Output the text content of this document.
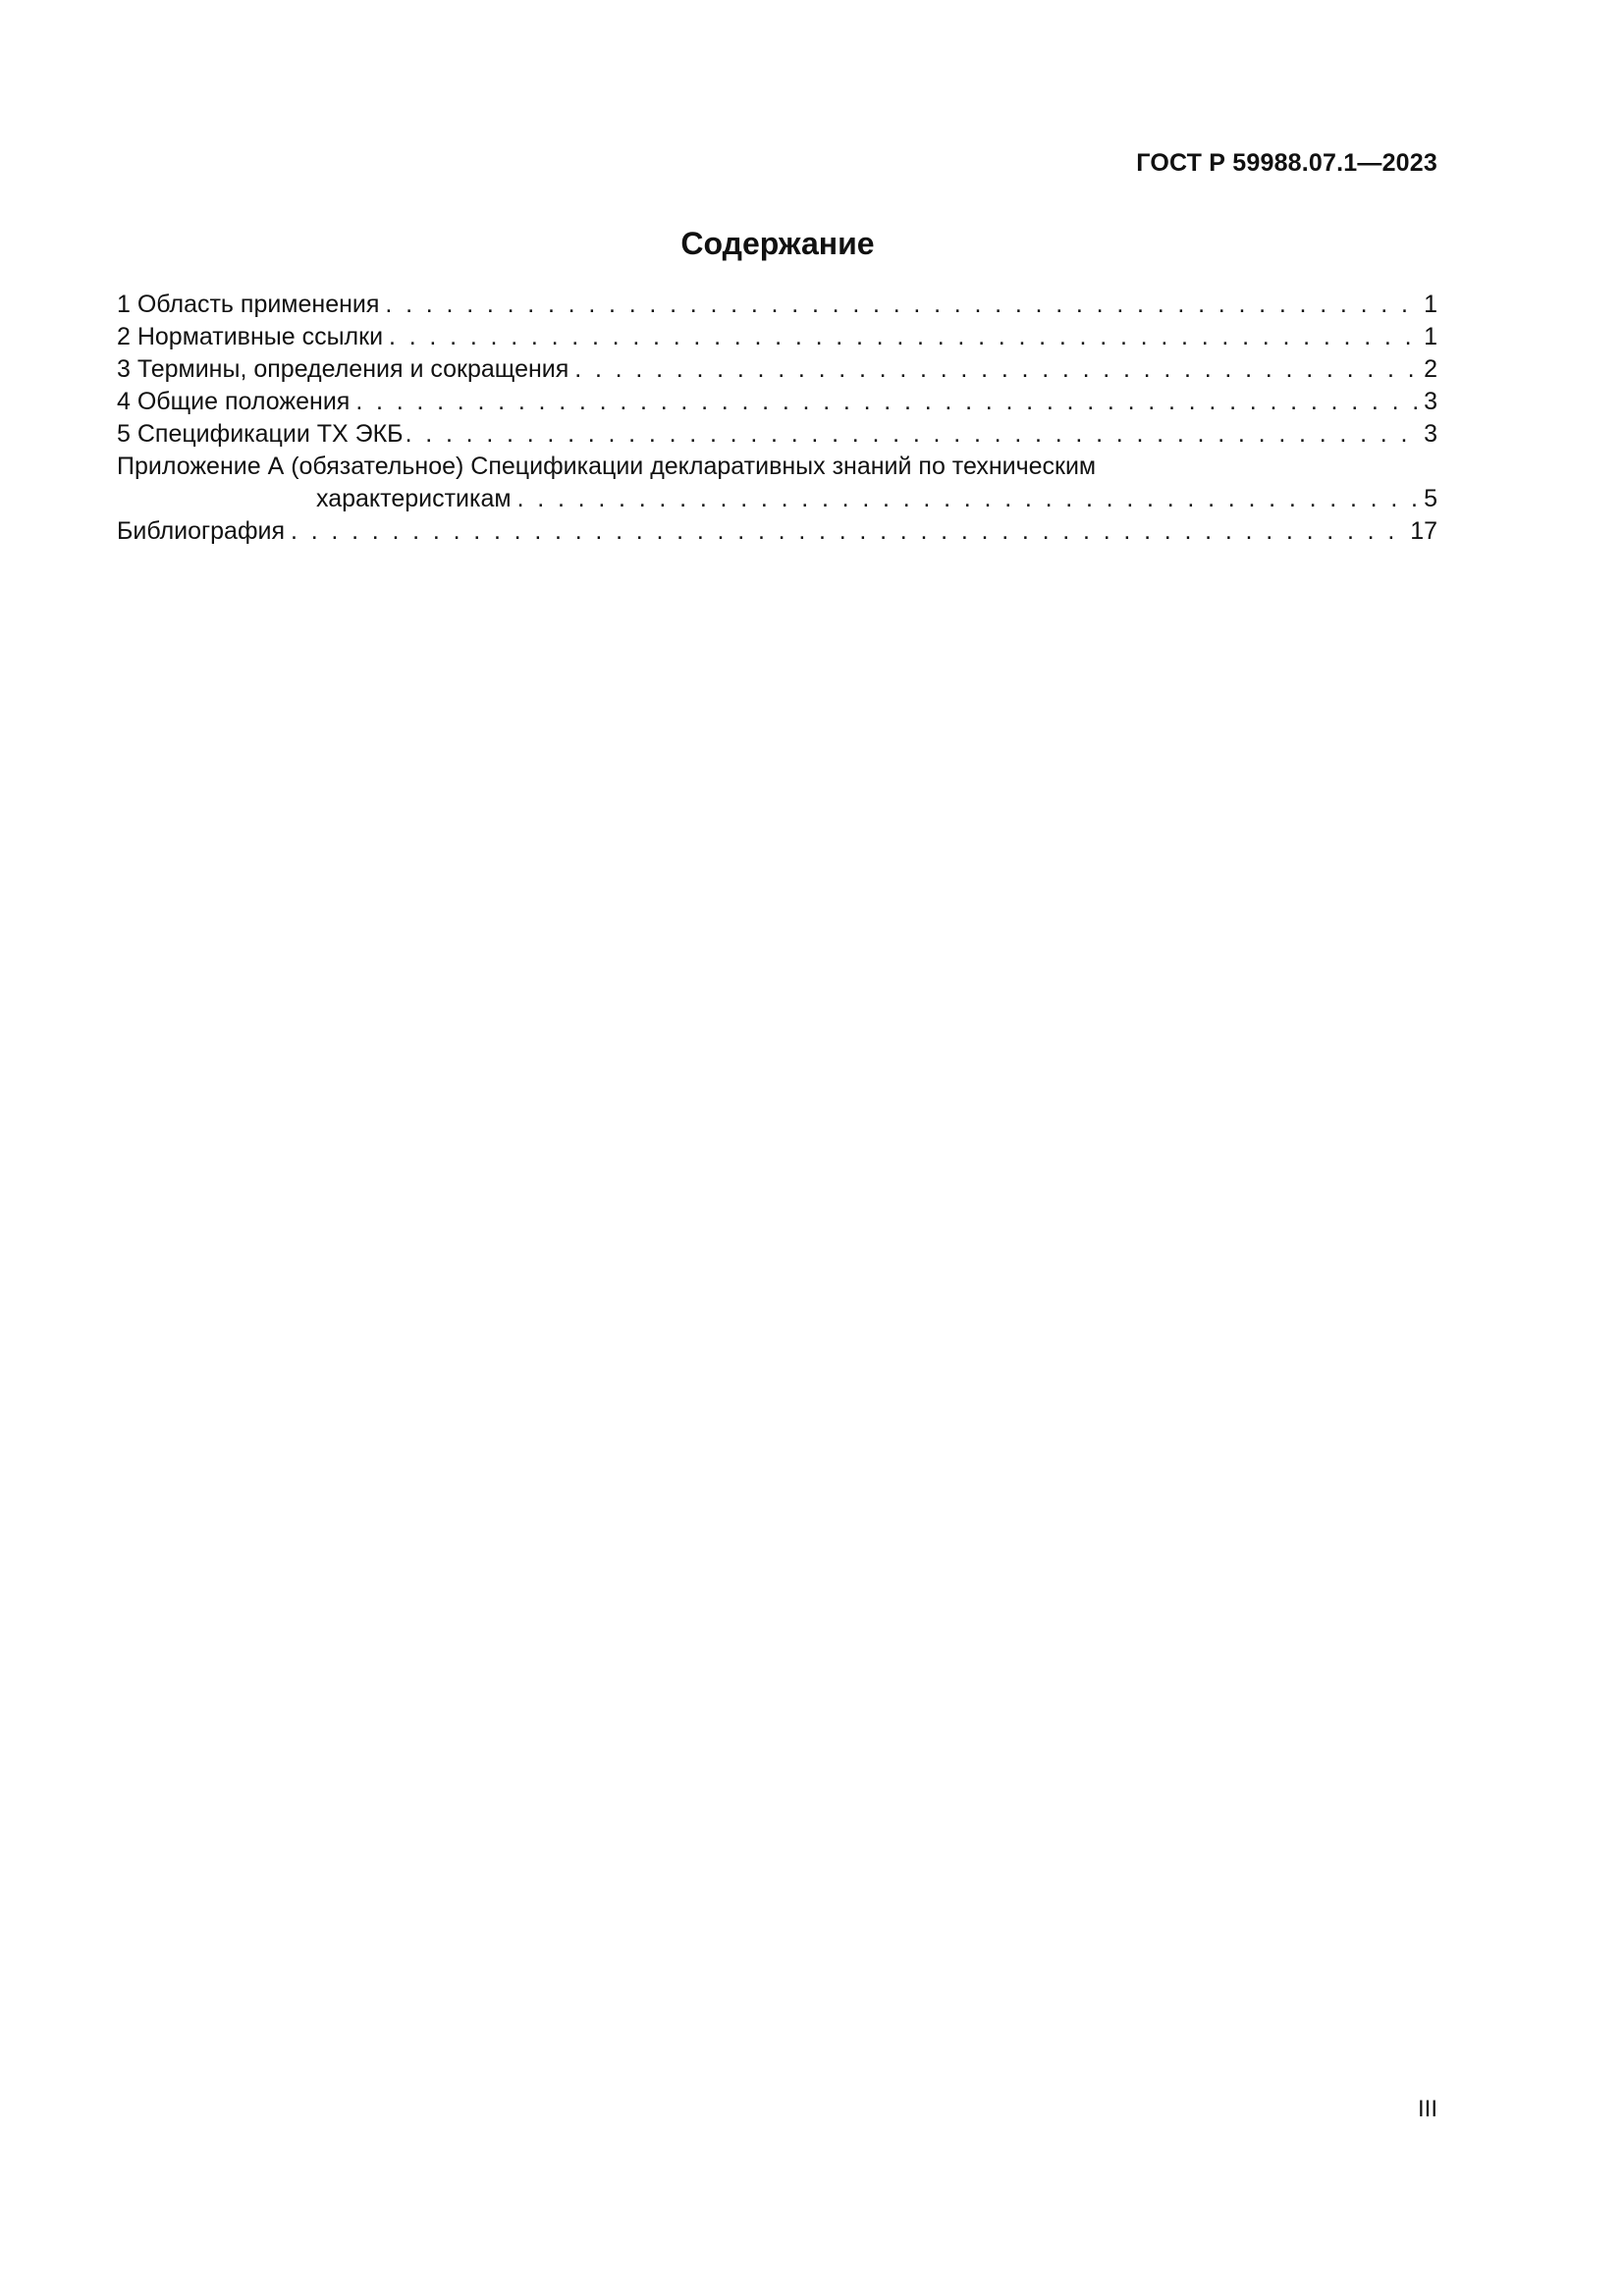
ГОСТ Р 59988.07.1—2023
Содержание
1 Область применения . . .	1
2 Нормативные ссылки . . .	1
3 Термины, определения и сокращения . . .	2
4 Общие положения . . .	3
5 Спецификации ТХ ЭКБ . . .	3
Приложение А (обязательное) Спецификации декларативных знаний по техническим
характеристикам . . .	5
Библиография . . .	17
III
